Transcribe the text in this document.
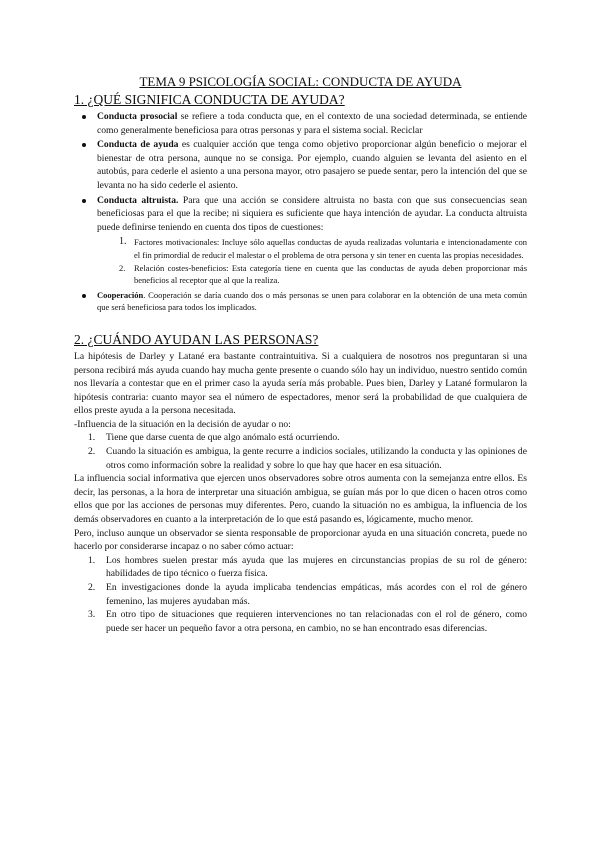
TEMA 9 PSICOLOGÍA SOCIAL: CONDUCTA DE AYUDA
1. ¿QUÉ SIGNIFICA CONDUCTA DE AYUDA?
Conducta prosocial se refiere a toda conducta que, en el contexto de una sociedad determinada, se entiende como generalmente beneficiosa para otras personas y para el sistema social. Reciclar
Conducta de ayuda es cualquier acción que tenga como objetivo proporcionar algún beneficio o mejorar el bienestar de otra persona, aunque no se consiga. Por ejemplo, cuando alguien se levanta del asiento en el autobús, para cederle el asiento a una persona mayor, otro pasajero se puede sentar, pero la intención del que se levanta no ha sido cederle el asiento.
Conducta altruista. Para que una acción se considere altruista no basta con que sus consecuencias sean beneficiosas para el que la recibe; ni siquiera es suficiente que haya intención de ayudar. La conducta altruista puede definirse teniendo en cuenta dos tipos de cuestiones:
1. Factores motivacionales: Incluye sólo aquellas conductas de ayuda realizadas voluntaria e intencionadamente con el fin primordial de reducir el malestar o el problema de otra persona y sin tener en cuenta las propias necesidades.
2. Relación costes-beneficios: Esta categoría tiene en cuenta que las conductas de ayuda deben proporcionar más beneficios al receptor que al que la realiza.
Cooperación. Cooperación se daría cuando dos o más personas se unen para colaborar en la obtención de una meta común que será beneficiosa para todos los implicados.
2. ¿CUÁNDO AYUDAN LAS PERSONAS?

La hipótesis de Darley y Latané era bastante contraintuitiva. Si a cualquiera de nosotros nos preguntaran si una persona recibirá más ayuda cuando hay mucha gente presente o cuando sólo hay un individuo, nuestro sentido común nos llevaría a contestar que en el primer caso la ayuda sería más probable. Pues bien, Darley y Latané formularon la hipótesis contraria: cuanto mayor sea el número de espectadores, menor será la probabilidad de que cualquiera de ellos preste ayuda a la persona necesitada.

-Influencia de la situación en la decisión de ayudar o no:

1. Tiene que darse cuenta de que algo anómalo está ocurriendo.
2. Cuando la situación es ambigua, la gente recurre a indicios sociales, utilizando la conducta y las opiniones de otros como información sobre la realidad y sobre lo que hay que hacer en esa situación.

La influencia social informativa que ejercen unos observadores sobre otros aumenta con la semejanza entre ellos. Es decir, las personas, a la hora de interpretar una situación ambigua, se guían más por lo que dicen o hacen otros como ellos que por las acciones de personas muy diferentes. Pero, cuando la situación no es ambigua, la influencia de los demás observadores en cuanto a la interpretación de lo que está pasando es, lógicamente, mucho menor.

Pero, incluso aunque un observador se sienta responsable de proporcionar ayuda en una situación concreta, puede no hacerlo por considerarse incapaz o no saber cómo actuar:

1. Los hombres suelen prestar más ayuda que las mujeres en circunstancias propias de su rol de género: habilidades de tipo técnico o fuerza física.
2. En investigaciones donde la ayuda implicaba tendencias empáticas, más acordes con el rol de género femenino, las mujeres ayudaban más.
3. En otro tipo de situaciones que requieren intervenciones no tan relacionadas con el rol de género, como puede ser hacer un pequeño favor a otra persona, en cambio, no se han encontrado esas diferencias.
